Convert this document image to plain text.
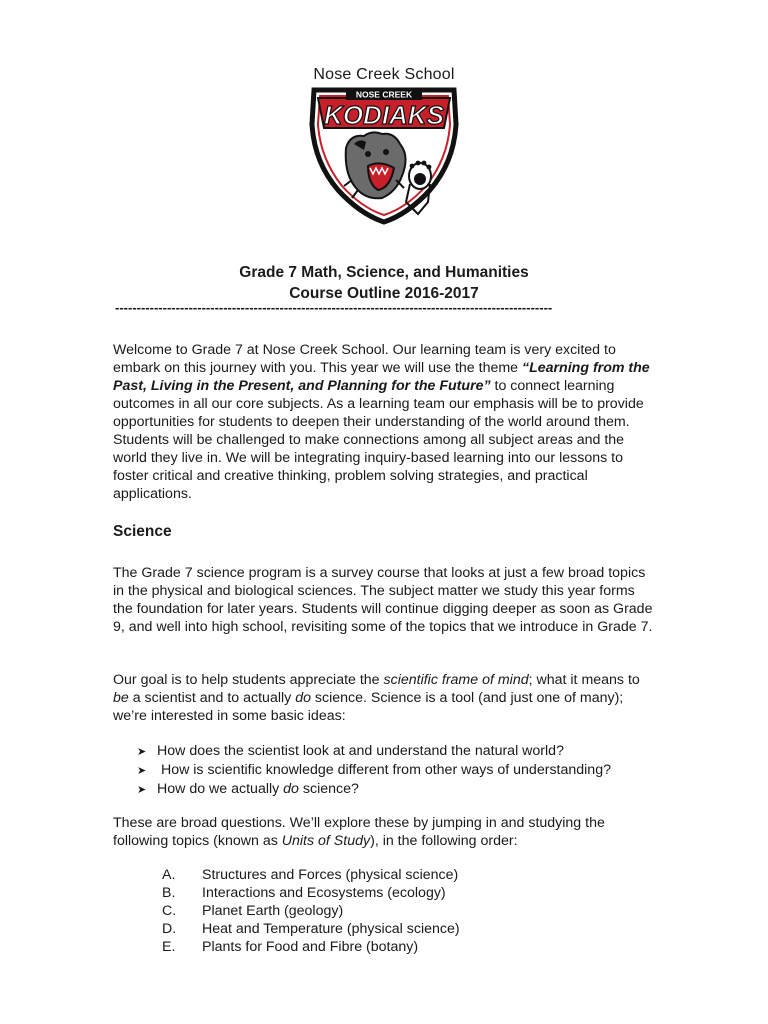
Nose Creek School
NOSE CREEK
KODIAKS
Grade 7 Math, Science, and Humanities
Course Outline 2016-2017
-----------------------------------------------------------------------------------------------------

Welcome to Grade 7 at Nose Creek School. Our learning team is very excited to embark on this journey with you. This year we will use the theme “Learning from the Past, Living in the Present, and Planning for the Future” to connect learning outcomes in all our core subjects. As a learning team our emphasis will be to provide opportunities for students to deepen their understanding of the world around them. Students will be challenged to make connections among all subject areas and the world they live in. We will be integrating inquiry-based learning into our lessons to foster critical and creative thinking, problem solving strategies, and practical applications.

Science

The Grade 7 science program is a survey course that looks at just a few broad topics in the physical and biological sciences. The subject matter we study this year forms the foundation for later years. Students will continue digging deeper as soon as Grade 9, and well into high school, revisiting some of the topics that we introduce in Grade 7.

Our goal is to help students appreciate the scientific frame of mind; what it means to be a scientist and to actually do science. Science is a tool (and just one of many); we’re interested in some basic ideas:

➤ How does the scientist look at and understand the natural world?
➤ How is scientific knowledge different from other ways of understanding?
➤ How do we actually do science?

These are broad questions. We’ll explore these by jumping in and studying the following topics (known as Units of Study), in the following order:

A.	Structures and Forces (physical science)
B.	Interactions and Ecosystems (ecology)
C.	Planet Earth (geology)
D.	Heat and Temperature (physical science)
E.	Plants for Food and Fibre (botany)
